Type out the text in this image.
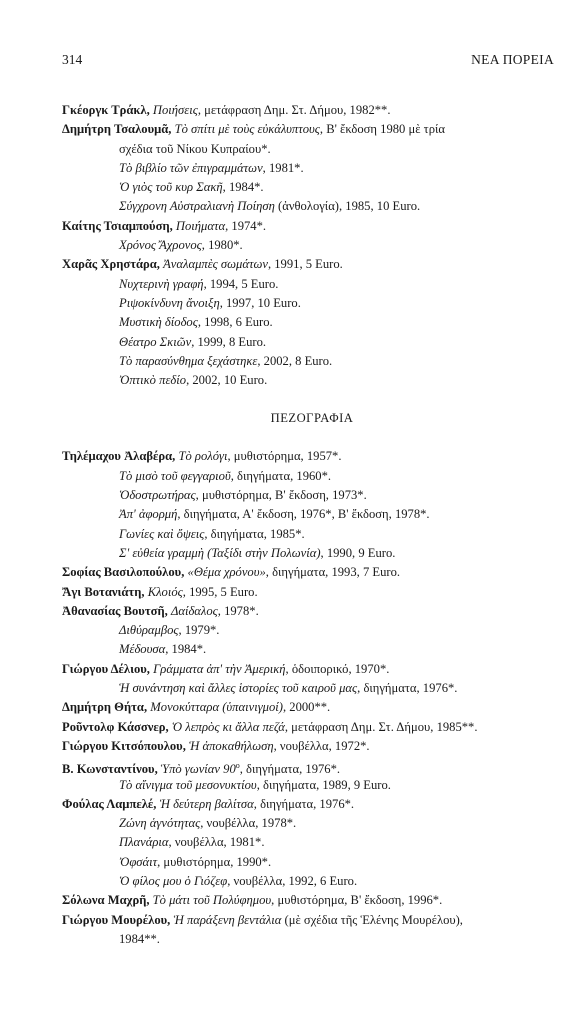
314	ΝΕΑ ΠΟΡΕΙΑ
Γκέοργκ Τράκλ, Ποιήσεις, μετάφραση Δημ. Στ. Δήμου, 1982**.
Δημήτρη Τσαλουμᾶ, Τὸ σπίτι μὲ τοὺς εὐκάλυπτους, Β' ἔκδοση 1980 μὲ τρία
σχέδια τοῦ Νίκου Κυπραίου*.
Τὸ βιβλίο τῶν ἐπιγραμμάτων, 1981*.
Ὁ γιὸς τοῦ κυρ Σακῆ, 1984*.
Σύγχρονη Αὐστραλιανὴ Ποίηση (ἀνθολογία), 1985, 10 Euro.
Καίτης Τσιαμπούση, Ποιήματα, 1974*.
Χρόνος Ἄχρονος, 1980*.
Χαρᾶς Χρηστάρα, Ἀναλαμπὲς σωμάτων, 1991, 5 Euro.
Νυχτερινὴ γραφή, 1994, 5 Euro.
Ριψοκίνδυνη ἄνοιξη, 1997, 10 Euro.
Μυστικὴ δίοδος, 1998, 6 Euro.
Θέατρο Σκιῶν, 1999, 8 Euro.
Τὸ παρασύνθημα ξεχάστηκε, 2002, 8 Euro.
Ὀπτικὸ πεδίο, 2002, 10 Euro.
ΠΕΖΟΓΡΑΦΙΑ
Τηλέμαχου Ἀλαβέρα, Τὸ ρολόγι, μυθιστόρημα, 1957*.
Τὸ μισὸ τοῦ φεγγαριοῦ, διηγήματα, 1960*.
Ὁδοστρωτήρας, μυθιστόρημα, Β' ἔκδοση, 1973*.
Ἀπ' ἀφορμή, διηγήματα, Α' ἔκδοση, 1976*, Β' ἔκδοση, 1978*.
Γωνίες καὶ ὄψεις, διηγήματα, 1985*.
Σ' εὐθεία γραμμὴ (Ταξίδι στὴν Πολωνία), 1990, 9 Euro.
Σοφίας Βασιλοπούλου, «Θέμα χρόνου», διηγήματα, 1993, 7 Euro.
Ἄγι Βοτανιάτη, Κλοιός, 1995, 5 Euro.
Ἀθανασίας Βουτσῆ, Δαίδαλος, 1978*.
Διθύραμβος, 1979*.
Μέδουσα, 1984*.
Γιώργου Δέλιου, Γράμματα ἀπ' τὴν Ἀμερική, ὁδοιπορικό, 1970*.
Ἡ συνάντηση καὶ ἄλλες ἱστορίες τοῦ καιροῦ μας, διηγήματα, 1976*.
Δημήτρη Θήτα, Μονοκύτταρα (ὑπαινιγμοί), 2000**.
Ροῦντολφ Κάσσνερ, Ὁ λεπρὸς κι ἄλλα πεζά, μετάφραση Δημ. Στ. Δήμου, 1985**.
Γιώργου Κιτσόπουλου, Ἡ ἀποκαθήλωση, νουβέλλα, 1972*.
Β. Κωνσταντίνου, Ὑπὸ γωνίαν $90^o$, διηγήματα, 1976*.
Τὸ αἴνιγμα τοῦ μεσονυκτίου, διηγήματα, 1989, 9 Euro.
Φούλας Λαμπελέ, Ἡ δεύτερη βαλίτσα, διηγήματα, 1976*.
Ζώνη ἁγνότητας, νουβέλλα, 1978*.
Πλανάρια, νουβέλλα, 1981*.
Ὀφσάιτ, μυθιστόρημα, 1990*.
Ὁ φίλος μου ὁ Γιόζεφ, νουβέλλα, 1992, 6 Euro.
Σόλωνα Μαχρῆ, Τὸ μάτι τοῦ Πολύφημου, μυθιστόρημα, Β' ἔκδοση, 1996*.
Γιώργου Μουρέλου, Ἡ παράξενη βεντάλια (μὲ σχέδια τῆς Ἑλένης Μουρέλου),
1984**.
